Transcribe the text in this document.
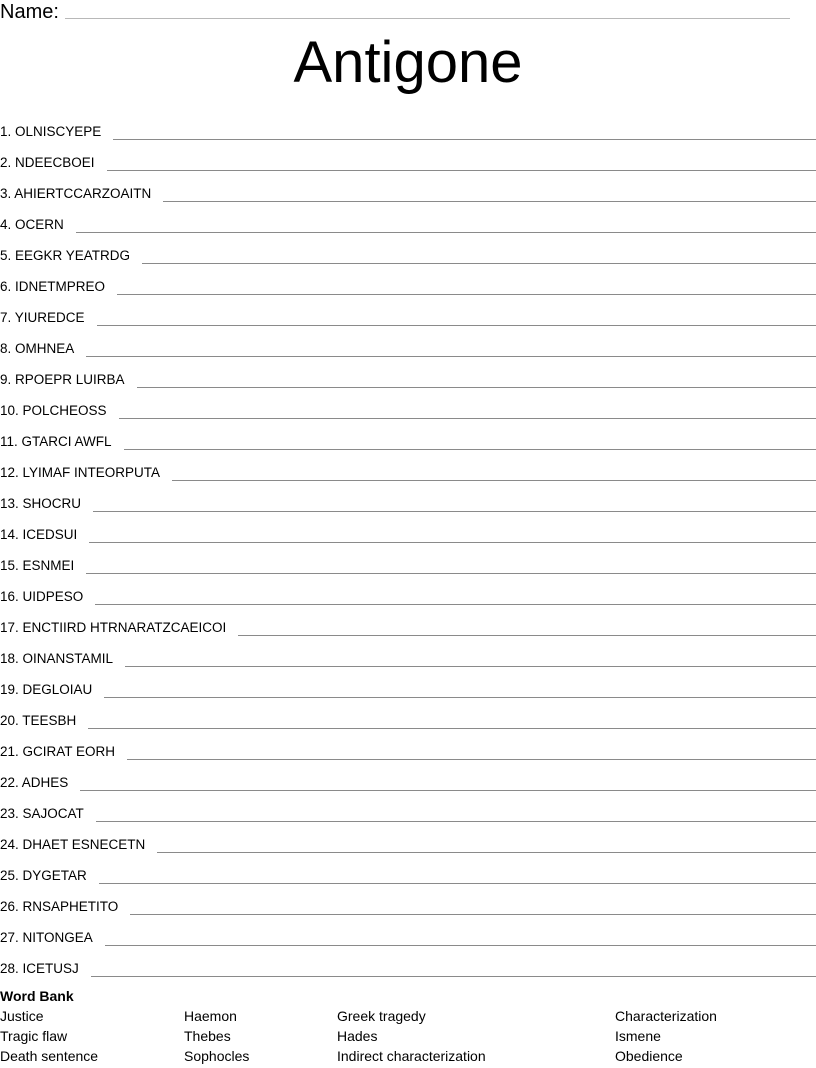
Name:
Antigone
1. OLNISCYEPE
2. NDEECBOEI
3. AHIERTCCARZOAITN
4. OCERN
5. EEGKR YEATRDG
6. IDNETMPREO
7. YIUREDCE
8. OMHNEA
9. RPOEPR LUIRBA
10. POLCHEOSS
11. GTARCI AWFL
12. LYIMAF INTEORPUTA
13. SHOCRU
14. ICEDSUI
15. ESNMEI
16. UIDPESO
17. ENCTIIRD HTRNARATZCAEICOI
18. OINANSTAMIL
19. DEGLOIAU
20. TEESBH
21. GCIRAT EORH
22. ADHES
23. SAJOCAT
24. DHAET ESNECETN
25. DYGETAR
26. RNSAPHETITO
27. NITONGEA
28. ICETUSJ
Word Bank
Justice	Haemon	Greek tragedy	Characterization
Tragic flaw	Thebes	Hades	Ismene
Death sentence	Sophocles	Indirect characterization	Obedience
